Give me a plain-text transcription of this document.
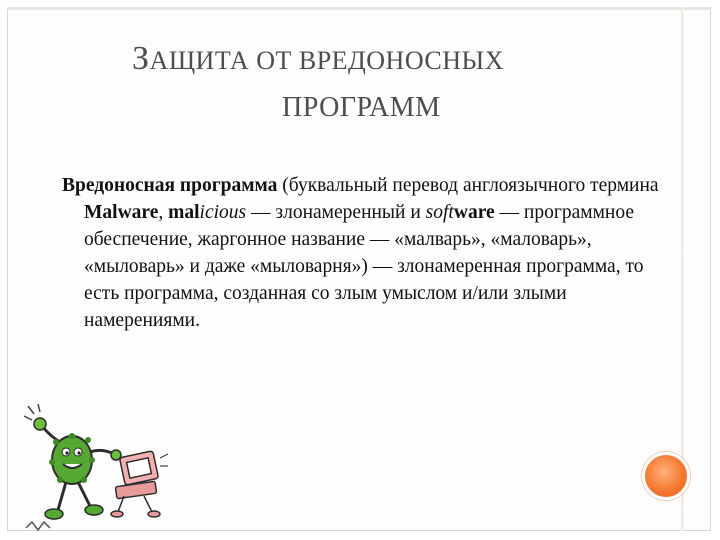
ЗАЩИТА ОТ ВРЕДОНОСНЫХ
ПРОГРАММ

Вредоносная программа (буквальный перевод англоязычного термина Malware, malicious — злонамеренный и software — программное обеспечение, жаргонное название — «малварь», «маловарь», «мыловарь» и даже «мыловарня») — злонамеренная программа, то есть программа, созданная со злым умыслом и/или злыми намерениями.
